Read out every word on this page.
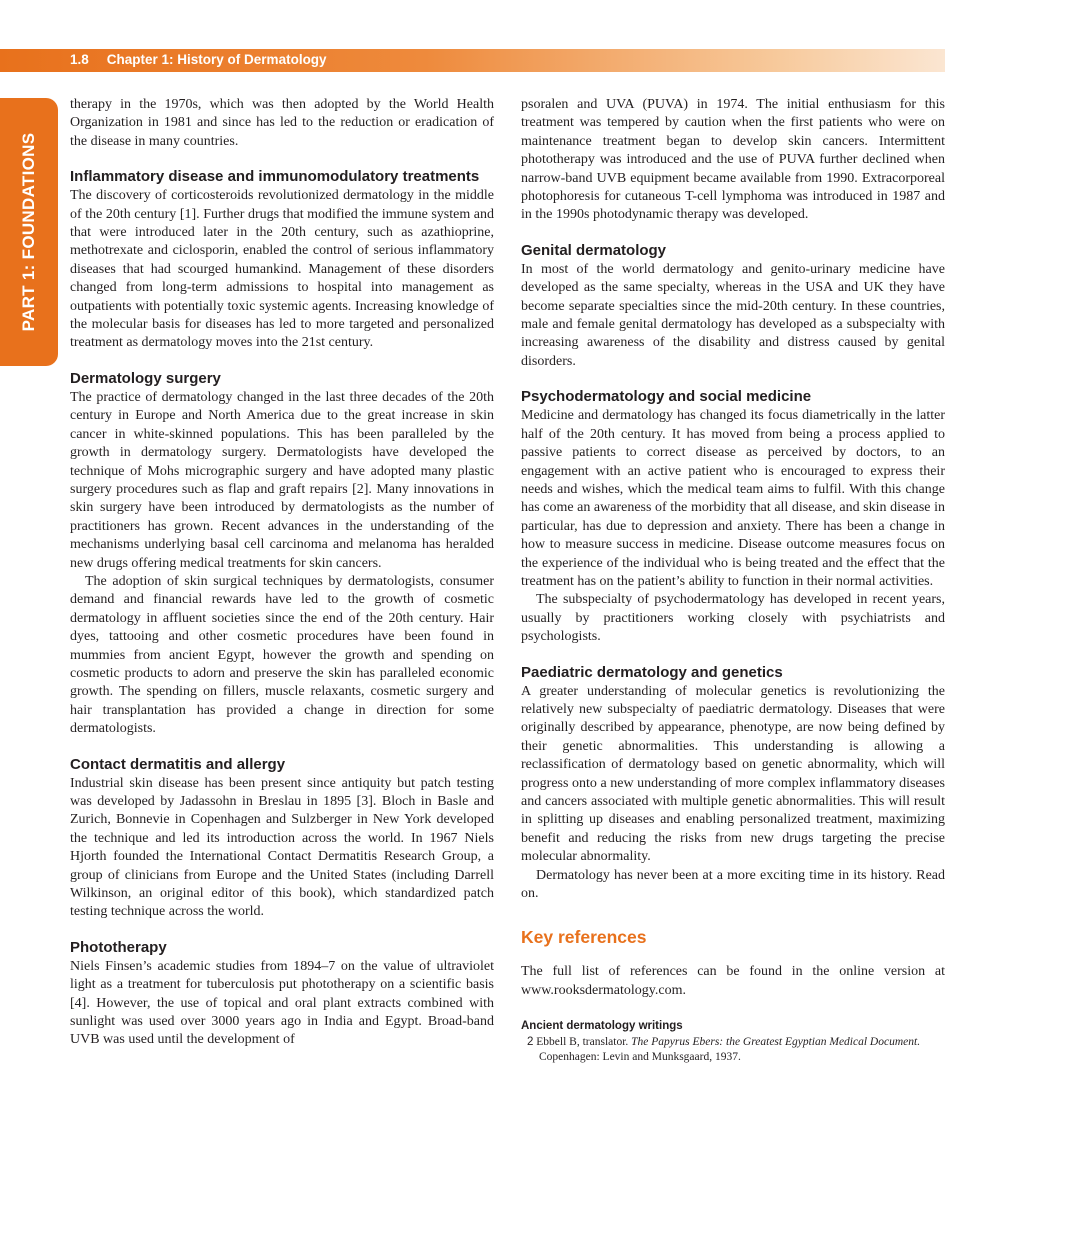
1.8 Chapter 1: History of Dermatology
PART 1: FOUNDATIONS

therapy in the 1970s, which was then adopted by the World Health Organization in 1981 and since has led to the reduction or eradication of the disease in many countries.

Inflammatory disease and immunomodulatory treatments

The discovery of corticosteroids revolutionized dermatology in the middle of the 20th century [1]. Further drugs that modified the immune system and that were introduced later in the 20th century, such as azathioprine, methotrexate and ciclosporin, enabled the control of serious inflammatory diseases that had scourged humankind. Management of these disorders changed from long-term admissions to hospital into management as outpatients with potentially toxic systemic agents. Increasing knowledge of the molecular basis for diseases has led to more targeted and personalized treatment as dermatology moves into the 21st century.

Dermatology surgery

The practice of dermatology changed in the last three decades of the 20th century in Europe and North America due to the great increase in skin cancer in white-skinned populations. This has been paralleled by the growth in dermatology surgery. Dermatologists have developed the technique of Mohs micrographic surgery and have adopted many plastic surgery procedures such as flap and graft repairs [2]. Many innovations in skin surgery have been introduced by dermatologists as the number of practitioners has grown. Recent advances in the understanding of the mechanisms underlying basal cell carcinoma and melanoma has heralded new drugs offering medical treatments for skin cancers.

The adoption of skin surgical techniques by dermatologists, consumer demand and financial rewards have led to the growth of cosmetic dermatology in affluent societies since the end of the 20th century. Hair dyes, tattooing and other cosmetic procedures have been found in mummies from ancient Egypt, however the growth and spending on cosmetic products to adorn and preserve the skin has paralleled economic growth. The spending on fillers, muscle relaxants, cosmetic surgery and hair transplantation has provided a change in direction for some dermatologists.

Contact dermatitis and allergy

Industrial skin disease has been present since antiquity but patch testing was developed by Jadassohn in Breslau in 1895 [3]. Bloch in Basle and Zurich, Bonnevie in Copenhagen and Sulzberger in New York developed the technique and led its introduction across the world. In 1967 Niels Hjorth founded the International Contact Dermatitis Research Group, a group of clinicians from Europe and the United States (including Darrell Wilkinson, an original editor of this book), which standardized patch testing technique across the world.

Phototherapy

Niels Finsen’s academic studies from 1894–7 on the value of ultraviolet light as a treatment for tuberculosis put phototherapy on a scientific basis [4]. However, the use of topical and oral plant extracts combined with sunlight was used over 3000 years ago in India and Egypt. Broad-band UVB was used until the development of

psoralen and UVA (PUVA) in 1974. The initial enthusiasm for this treatment was tempered by caution when the first patients who were on maintenance treatment began to develop skin cancers. Intermittent phototherapy was introduced and the use of PUVA further declined when narrow-band UVB equipment became available from 1990. Extracorporeal photophoresis for cutaneous T-cell lymphoma was introduced in 1987 and in the 1990s photodynamic therapy was developed.

Genital dermatology

In most of the world dermatology and genito-urinary medicine have developed as the same specialty, whereas in the USA and UK they have become separate specialties since the mid-20th century. In these countries, male and female genital dermatology has developed as a subspecialty with increasing awareness of the disability and distress caused by genital disorders.

Psychodermatology and social medicine

Medicine and dermatology has changed its focus diametrically in the latter half of the 20th century. It has moved from being a process applied to passive patients to correct disease as perceived by doctors, to an engagement with an active patient who is encouraged to express their needs and wishes, which the medical team aims to fulfil. With this change has come an awareness of the morbidity that all disease, and skin disease in particular, has due to depression and anxiety. There has been a change in how to measure success in medicine. Disease outcome measures focus on the experience of the individual who is being treated and the effect that the treatment has on the patient’s ability to function in their normal activities.

The subspecialty of psychodermatology has developed in recent years, usually by practitioners working closely with psychiatrists and psychologists.

Paediatric dermatology and genetics

A greater understanding of molecular genetics is revolutionizing the relatively new subspecialty of paediatric dermatology. Diseases that were originally described by appearance, phenotype, are now being defined by their genetic abnormalities. This understanding is allowing a reclassification of dermatology based on genetic abnormality, which will progress onto a new understanding of more complex inflammatory diseases and cancers associated with multiple genetic abnormalities. This will result in splitting up diseases and enabling personalized treatment, maximizing benefit and reducing the risks from new drugs targeting the precise molecular abnormality.

Dermatology has never been at a more exciting time in its history. Read on.

Key references

The full list of references can be found in the online version at www.rooksdermatology.com.

Ancient dermatology writings

2 Ebbell B, translator. The Papyrus Ebers: the Greatest Egyptian Medical Document. Copenhagen: Levin and Munksgaard, 1937.
